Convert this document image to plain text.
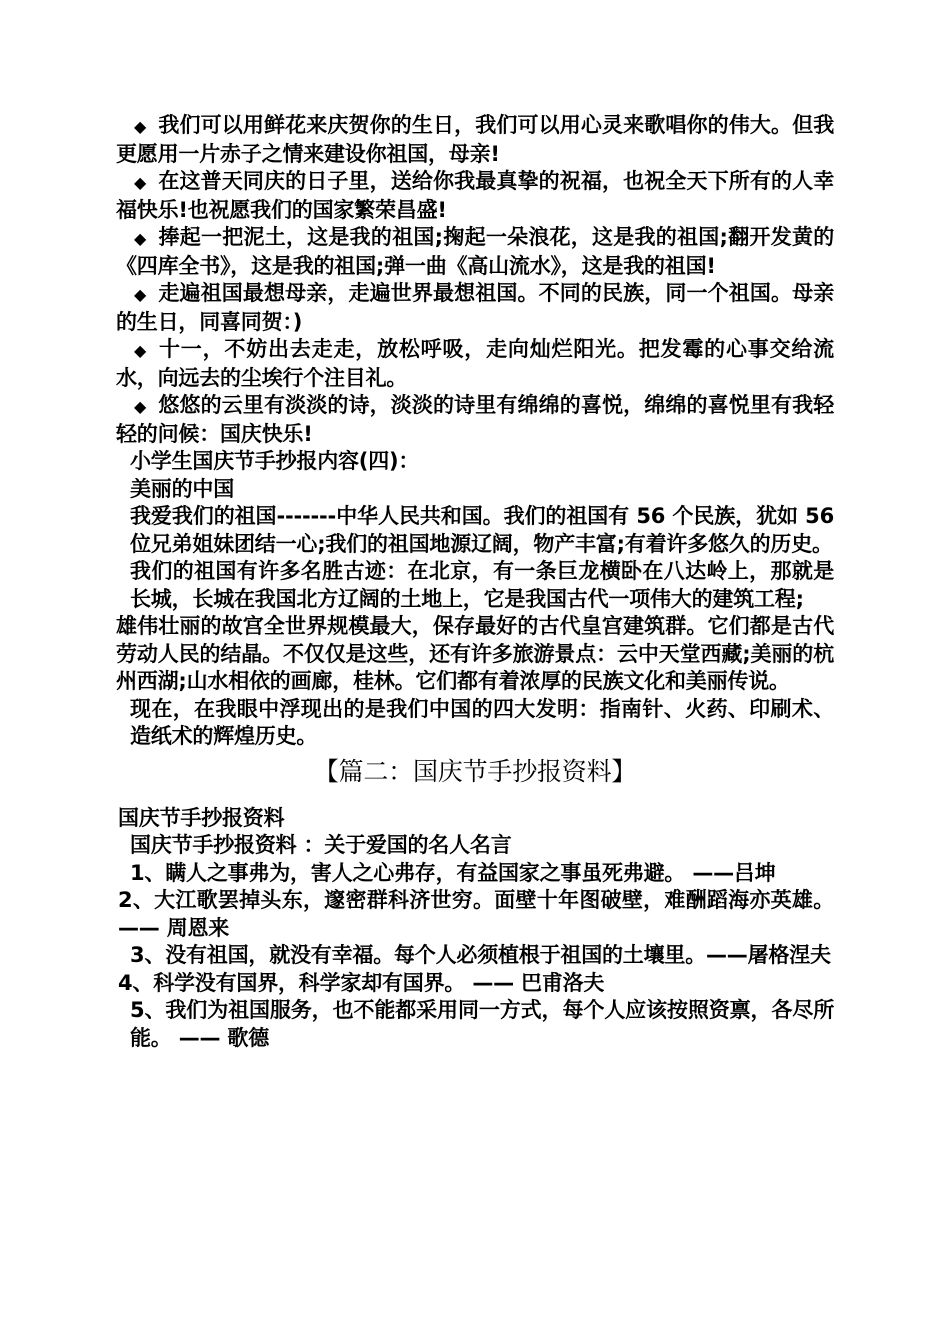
◆ 我们可以用鲜花来庆贺你的生日，我们可以用心灵来歌唱你的伟大。但我更愿用一片赤子之情来建设你祖国，母亲!

◆ 在这普天同庆的日子里，送给你我最真挚的祝福，也祝全天下所有的人幸福快乐!也祝愿我们的国家繁荣昌盛!

◆ 捧起一把泥土，这是我的祖国;掬起一朵浪花，这是我的祖国;翻开发黄的《四库全书》，这是我的祖国;弹一曲《高山流水》，这是我的祖国!

◆ 走遍祖国最想母亲，走遍世界最想祖国。不同的民族，同一个祖国。母亲的生日，同喜同贺：)

◆ 十一，不妨出去走走，放松呼吸，走向灿烂阳光。把发霉的心事交给流水，向远去的尘埃行个注目礼。

◆ 悠悠的云里有淡淡的诗，淡淡的诗里有绵绵的喜悦，绵绵的喜悦里有我轻轻的问候：国庆快乐!

小学生国庆节手抄报内容(四)：

美丽的中国

我爱我们的祖国-------中华人民共和国。我们的祖国有 56 个民族，犹如 56 位兄弟姐妹团结一心;我们的祖国地源辽阔，物产丰富;有着许多悠久的历史。

我们的祖国有许多名胜古迹：在北京，有一条巨龙横卧在八达岭上，那就是长城，长城在我国北方辽阔的土地上，它是我国古代一项伟大的建筑工程;

雄伟壮丽的故宫全世界规模最大，保存最好的古代皇宫建筑群。它们都是古代劳动人民的结晶。不仅仅是这些，还有许多旅游景点：云中天堂西藏;美丽的杭州西湖;山水相依的画廊，桂林。它们都有着浓厚的民族文化和美丽传说。

现在，在我眼中浮现出的是我们中国的四大发明：指南针、火药、印刷术、造纸术的辉煌历史。

【篇二：国庆节手抄报资料】

国庆节手抄报资料

国庆节手抄报资料 ：关于爱国的名人名言

1、瞒人之事弗为，害人之心弗存，有益国家之事虽死弗避。 ——吕坤

2、大江歌罢掉头东，邃密群科济世穷。面壁十年图破壁，难酬蹈海亦英雄。 —— 周恩来

3、没有祖国，就没有幸福。每个人必须植根于祖国的土壤里。——屠格涅夫

4、科学没有国界，科学家却有国界。 —— 巴甫洛夫

5、我们为祖国服务，也不能都采用同一方式，每个人应该按照资禀，各尽所能。 —— 歌德
